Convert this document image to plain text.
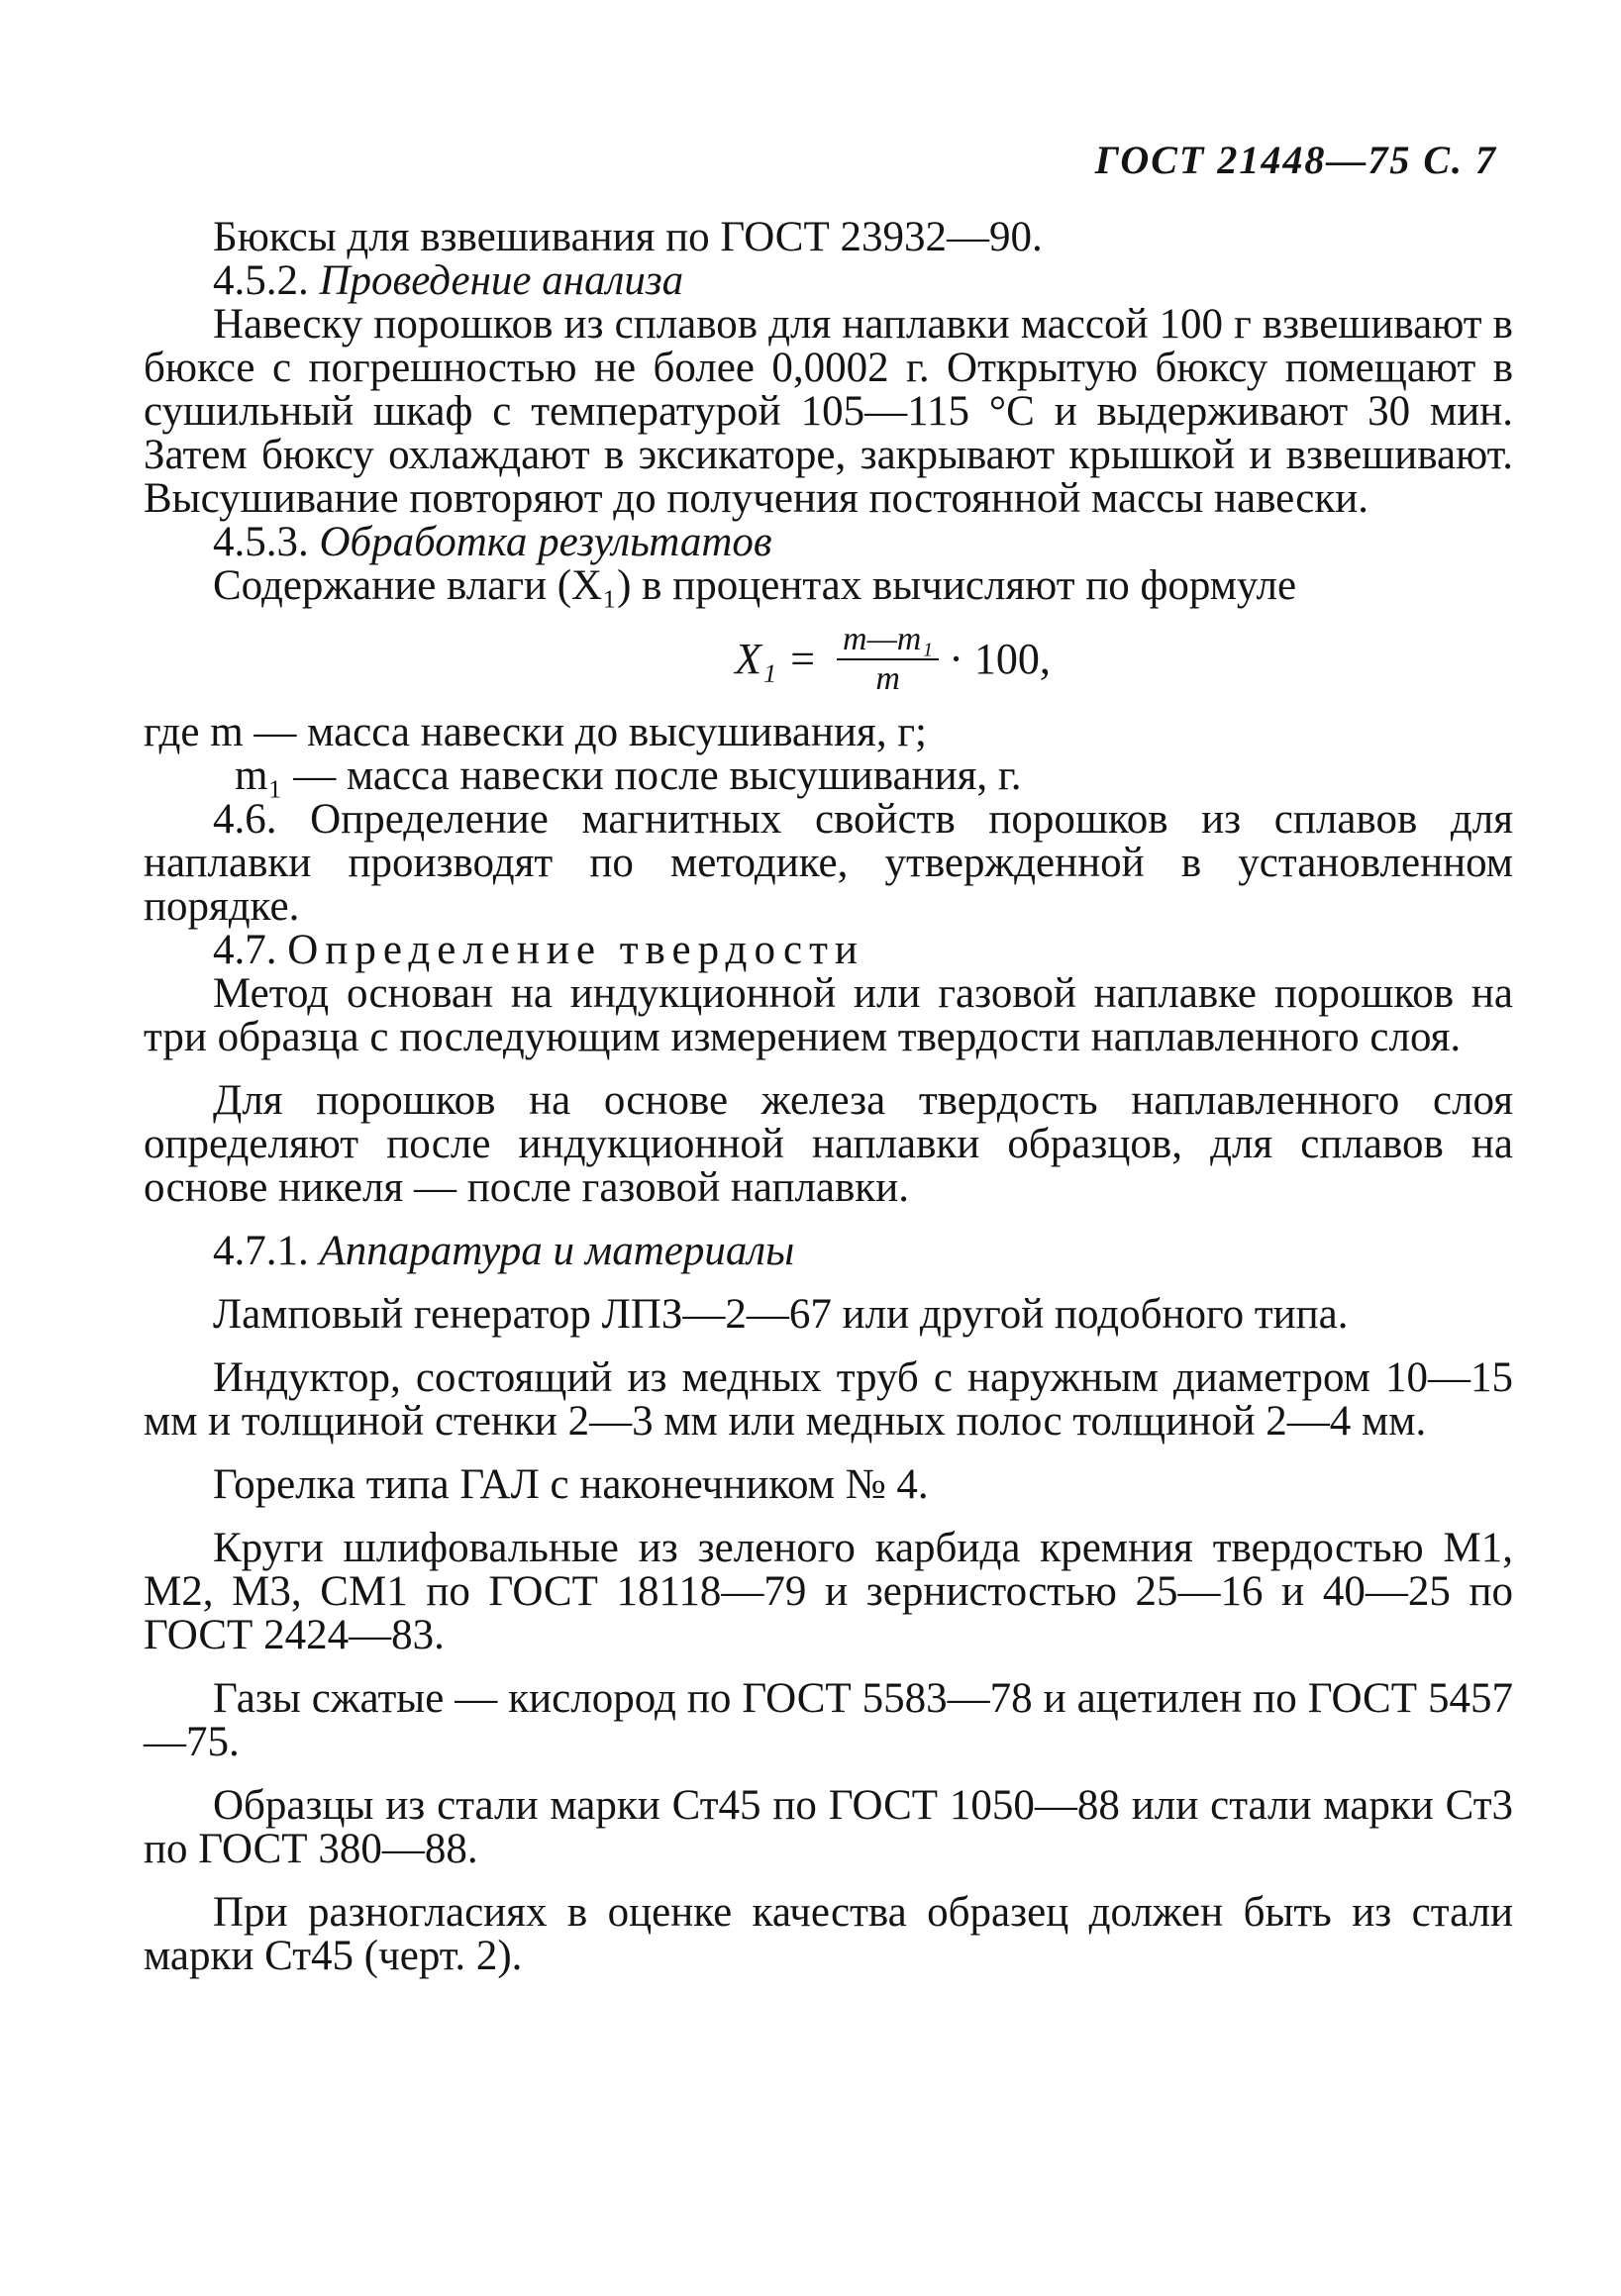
ГОСТ 21448—75 С. 7

Бюксы для взвешивания по ГОСТ 23932—90.

4.5.2. Проведение анализа

Навеску порошков из сплавов для наплавки массой 100 г взвешивают в бюксе с погрешностью не более 0,0002 г. Открытую бюксу помещают в сушильный шкаф с температурой 105—115 °С и выдерживают 30 мин. Затем бюксу охлаждают в эксикаторе, закрывают крышкой и взвешивают. Высушивание повторяют до получения постоянной массы навески.

4.5.3. Обработка результатов

Содержание влаги (X₁) в процентах вычисляют по формуле

$X_1 = \frac{\text{m—m₁}}{m} \cdot 100$,

где m — масса навески до высушивания, г;

m₁ — масса навески после высушивания, г.

4.6. Определение магнитных свойств порошков из сплавов для наплавки производят по методике, утвержденной в установленном порядке.

4.7. Определение твердости

Метод основан на индукционной или газовой наплавке порошков на три образца с последующим измерением твердости наплавленного слоя.

Для порошков на основе железа твердость наплавленного слоя определяют после индукционной наплавки образцов, для сплавов на основе никеля — после газовой наплавки.

4.7.1. Аппаратура и материалы

Ламповый генератор ЛПЗ—2—67 или другой подобного типа.

Индуктор, состоящий из медных труб с наружным диаметром 10—15 мм и толщиной стенки 2—3 мм или медных полос толщиной 2—4 мм.

Горелка типа ГАЛ с наконечником № 4.

Круги шлифовальные из зеленого карбида кремния твердостью М1, М2, М3, СМ1 по ГОСТ 18118—79 и зернистостью 25—16 и 40—25 по ГОСТ 2424—83.

Газы сжатые — кислород по ГОСТ 5583—78 и ацетилен по ГОСТ 5457—75.

Образцы из стали марки Ст45 по ГОСТ 1050—88 или стали марки Ст3 по ГОСТ 380—88.

При разногласиях в оценке качества образец должен быть из стали марки Ст45 (черт. 2).
